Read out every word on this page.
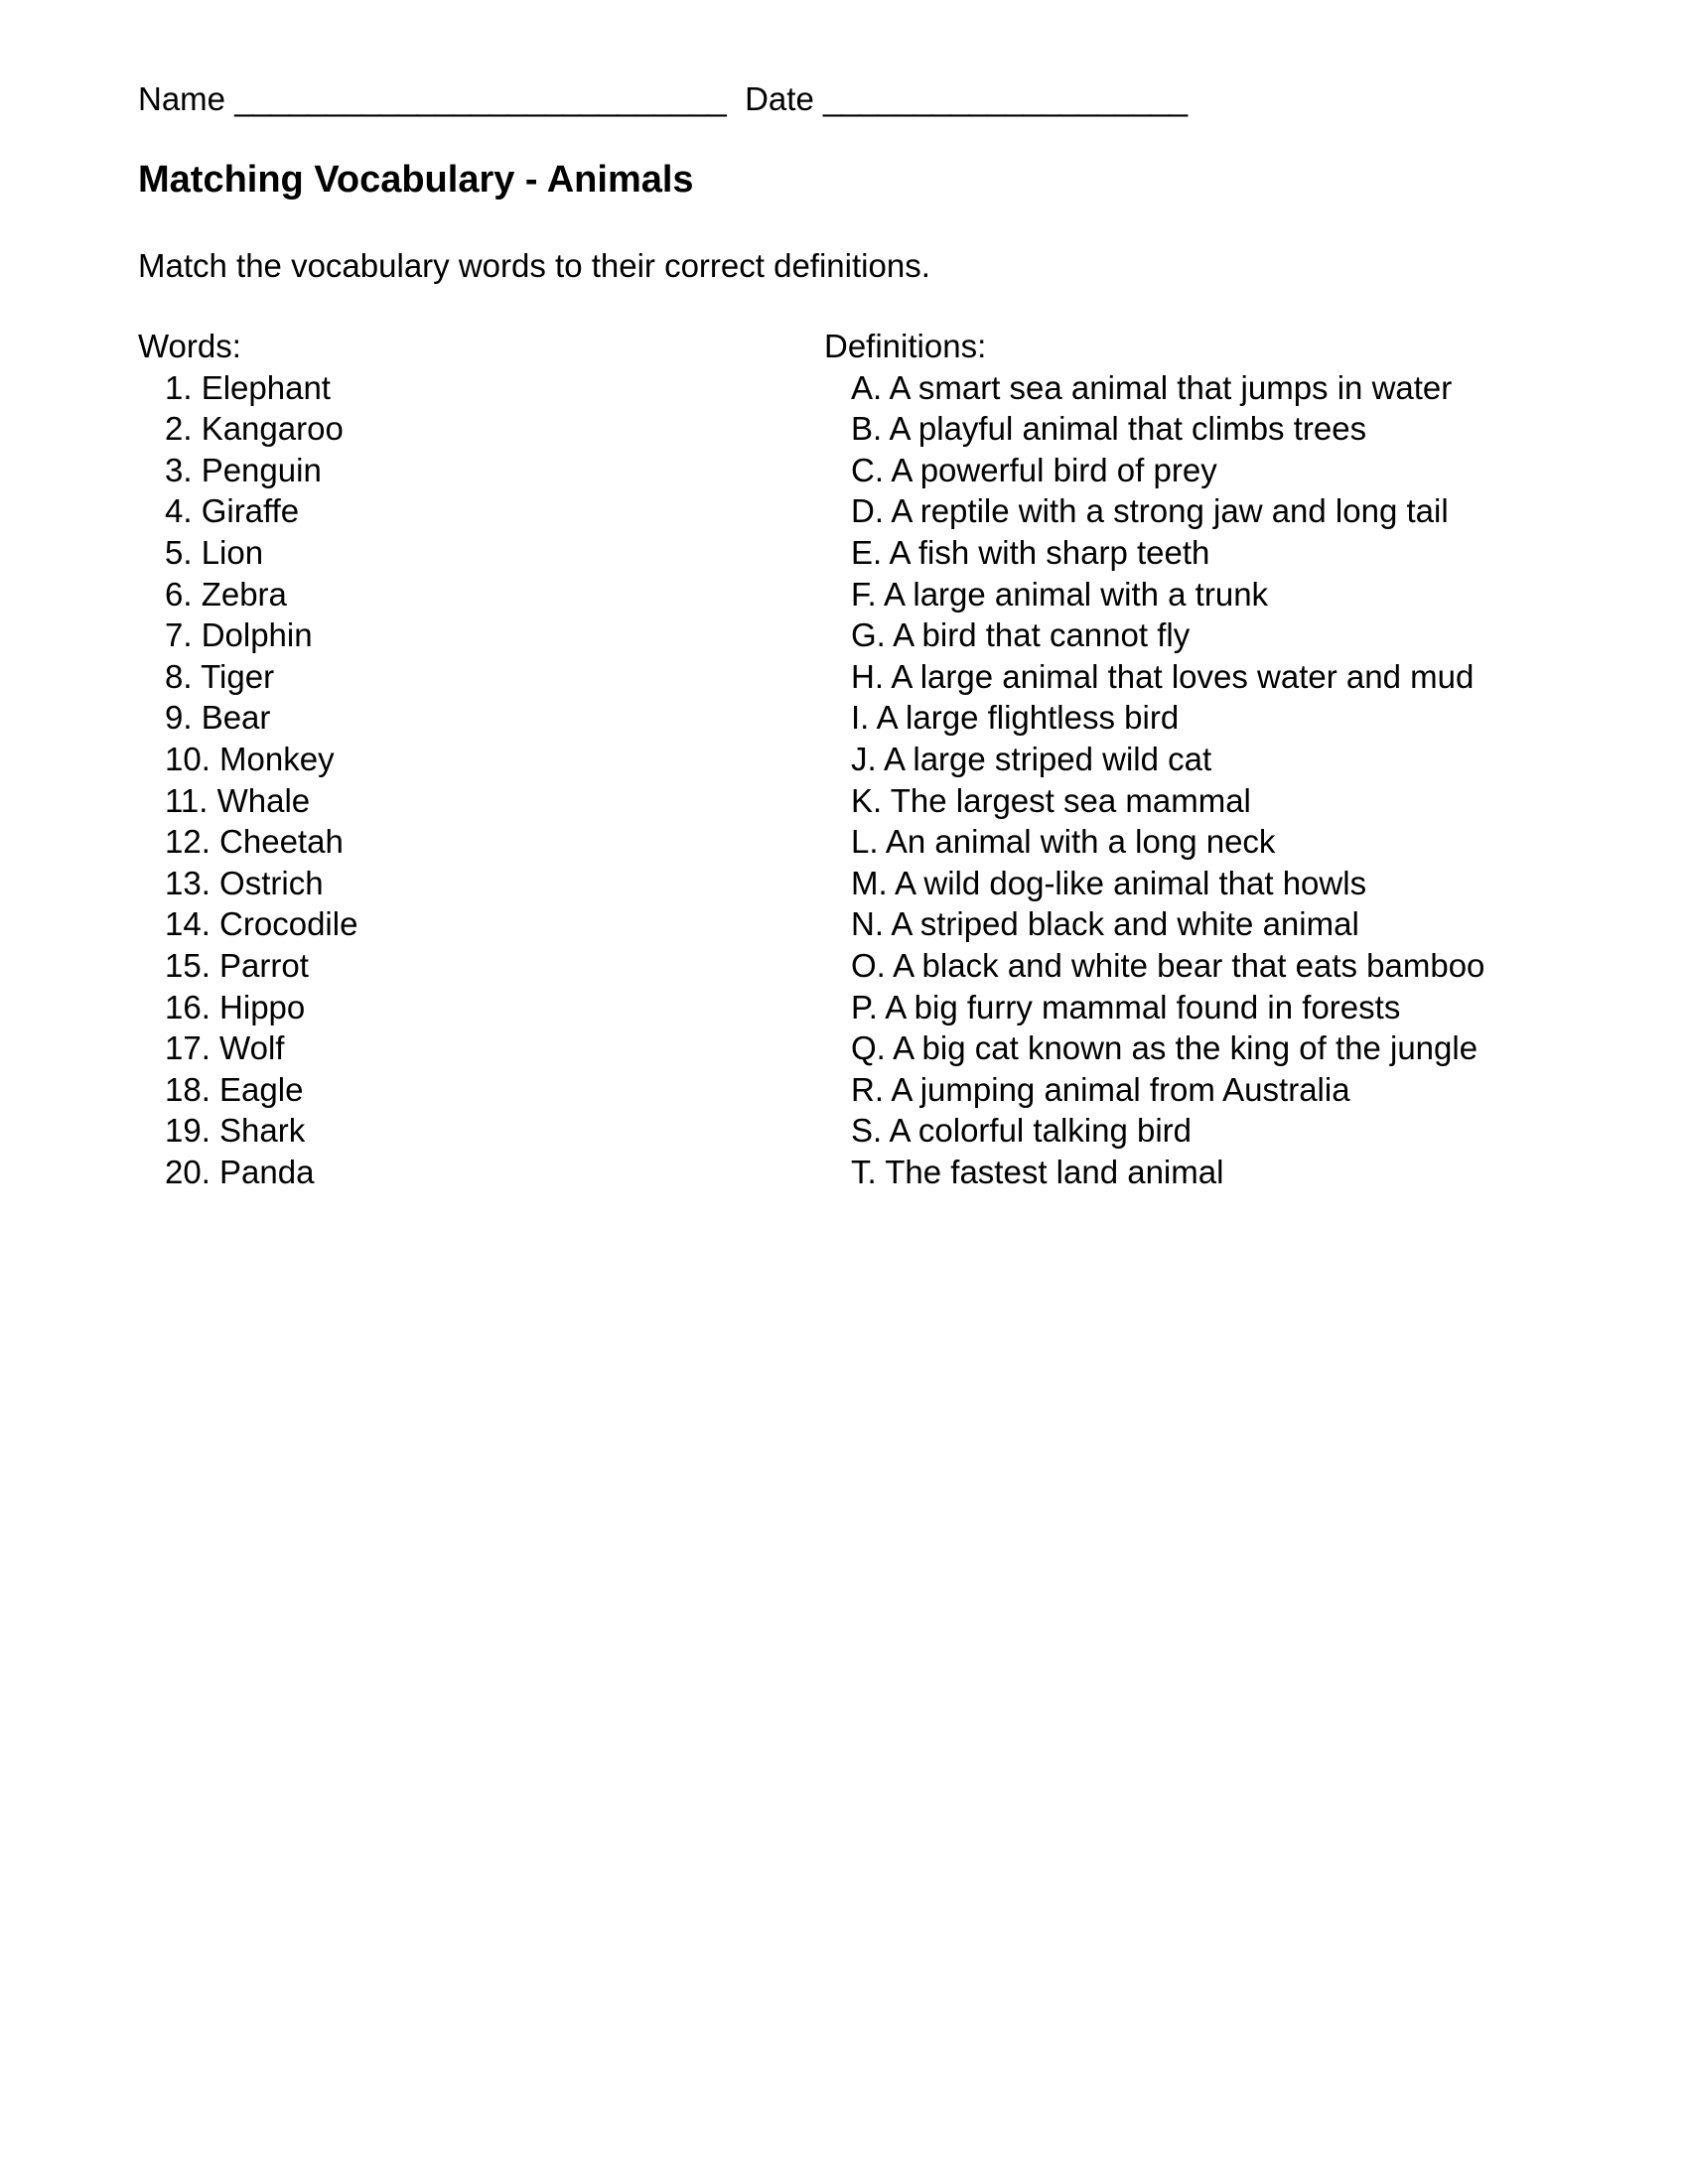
Name ___________________________ Date ____________________
Matching Vocabulary - Animals

Match the vocabulary words to their correct definitions.

Words:
1. Elephant
2. Kangaroo
3. Penguin
4. Giraffe
5. Lion
6. Zebra
7. Dolphin
8. Tiger
9. Bear
10. Monkey
11. Whale
12. Cheetah
13. Ostrich
14. Crocodile
15. Parrot
16. Hippo
17. Wolf
18. Eagle
19. Shark
20. Panda
Definitions:
A. A smart sea animal that jumps in water
B. A playful animal that climbs trees
C. A powerful bird of prey
D. A reptile with a strong jaw and long tail
E. A fish with sharp teeth
F. A large animal with a trunk
G. A bird that cannot fly
H. A large animal that loves water and mud
I. A large flightless bird
J. A large striped wild cat
K. The largest sea mammal
L. An animal with a long neck
M. A wild dog-like animal that howls
N. A striped black and white animal
O. A black and white bear that eats bamboo
P. A big furry mammal found in forests
Q. A big cat known as the king of the jungle
R. A jumping animal from Australia
S. A colorful talking bird
T. The fastest land animal
